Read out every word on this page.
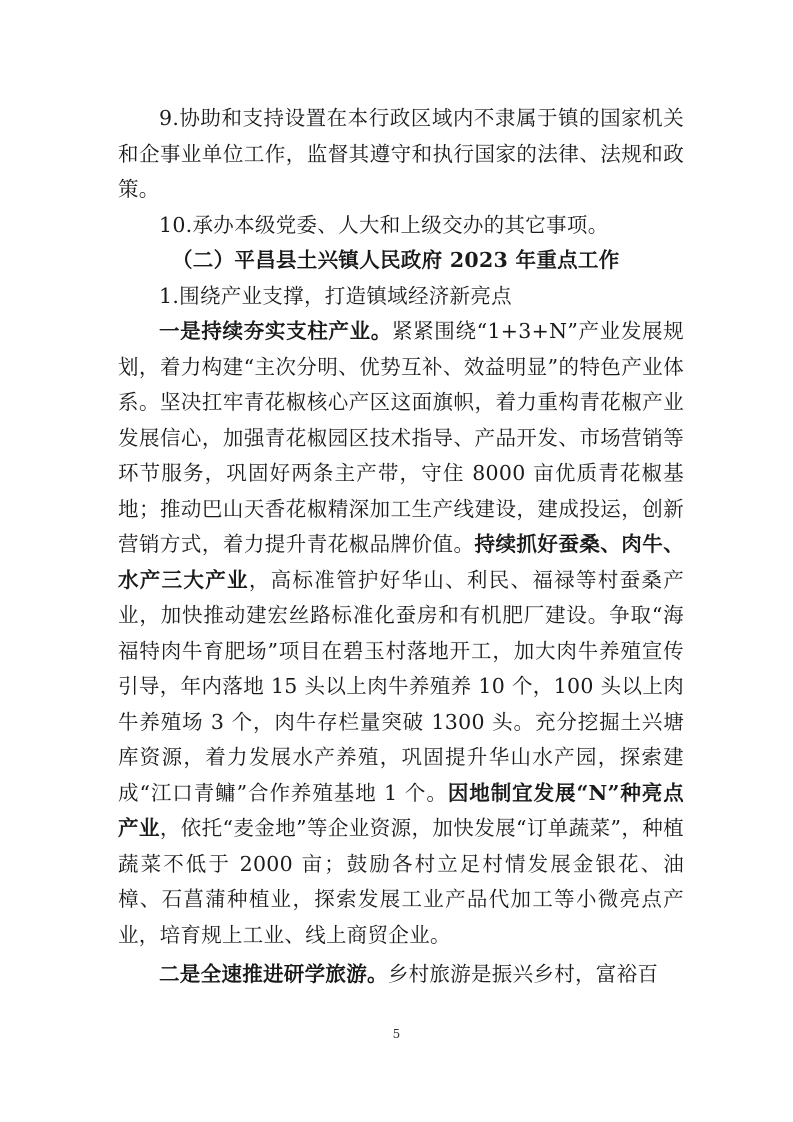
9.协助和支持设置在本行政区域内不隶属于镇的国家机关和企事业单位工作，监督其遵守和执行国家的法律、法规和政策。

10.承办本级党委、人大和上级交办的其它事项。

（二）平昌县土兴镇人民政府 2023 年重点工作

1.围绕产业支撑，打造镇域经济新亮点

一是持续夯实支柱产业。紧紧围绕“1+3+N”产业发展规划，着力构建“主次分明、优势互补、效益明显”的特色产业体系。坚决扛牢青花椒核心产区这面旗帜，着力重构青花椒产业发展信心，加强青花椒园区技术指导、产品开发、市场营销等环节服务，巩固好两条主产带，守住 8000 亩优质青花椒基地；推动巴山天香花椒精深加工生产线建设，建成投运，创新营销方式，着力提升青花椒品牌价值。持续抓好蚕桑、肉牛、水产三大产业，高标准管护好华山、利民、福禄等村蚕桑产业，加快推动建宏丝路标准化蚕房和有机肥厂建设。争取“海福特肉牛育肥场”项目在碧玉村落地开工，加大肉牛养殖宣传引导，年内落地 15 头以上肉牛养殖养 10 个，100 头以上肉牛养殖场 3 个，肉牛存栏量突破 1300 头。充分挖掘土兴塘库资源，着力发展水产养殖，巩固提升华山水产园，探索建成“江口青鳙”合作养殖基地 1 个。因地制宜发展“N”种亮点产业，依托“麦金地”等企业资源，加快发展“订单蔬菜”，种植蔬菜不低于 2000 亩；鼓励各村立足村情发展金银花、油樟、石菖蒲种植业，探索发展工业产品代加工等小微亮点产业，培育规上工业、线上商贸企业。

二是全速推进研学旅游。乡村旅游是振兴乡村，富裕百

5
